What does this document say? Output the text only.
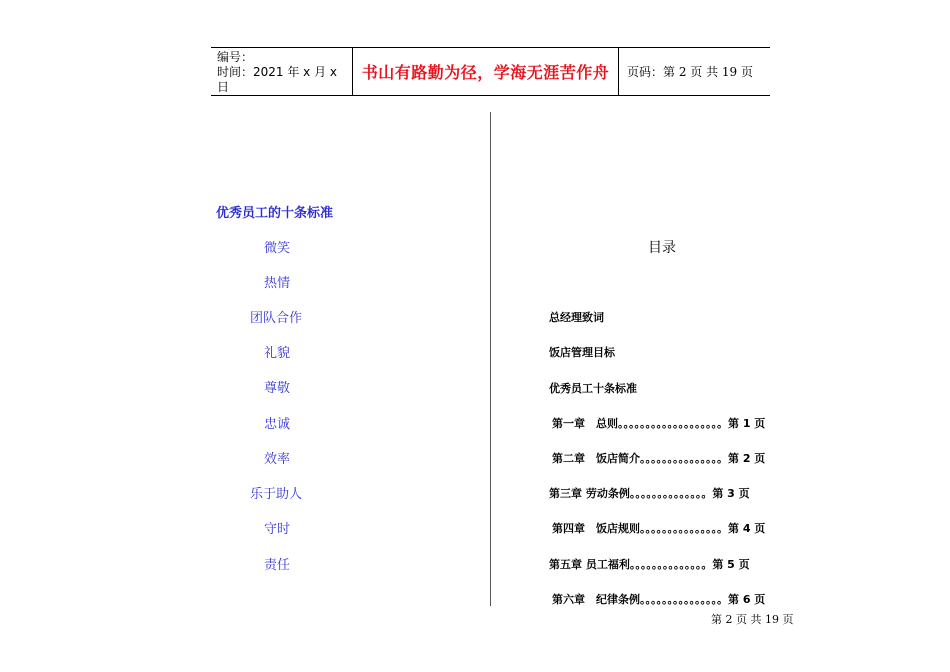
编号：
时间：2021 年 x 月 x 日
书山有路勤为径，学海无涯苦作舟	页码：第 2 页 共 19 页
优秀员工的十条标准
微笑
热情
团队合作
礼貌
尊敬
忠诚
效率
乐于助人
守时
责任
目录
总经理致词
饭店管理目标
优秀员工十条标准
第一章　总则。。。。。。。。。。。。。。。。。。。第 1 页
第二章　饭店简介。。。。。。。。。。。。。。。第 2 页
第三章 劳动条例。。。。。。。。。。。。。。第 3 页
第四章　饭店规则。。。。。。。。。。。。。。。第 4 页
第五章 员工福利。。。。。。。。。。。。。。第 5 页
第六章　纪律条例。。。。。。。。。。。。。。。第 6 页
第 2 页 共 19 页
